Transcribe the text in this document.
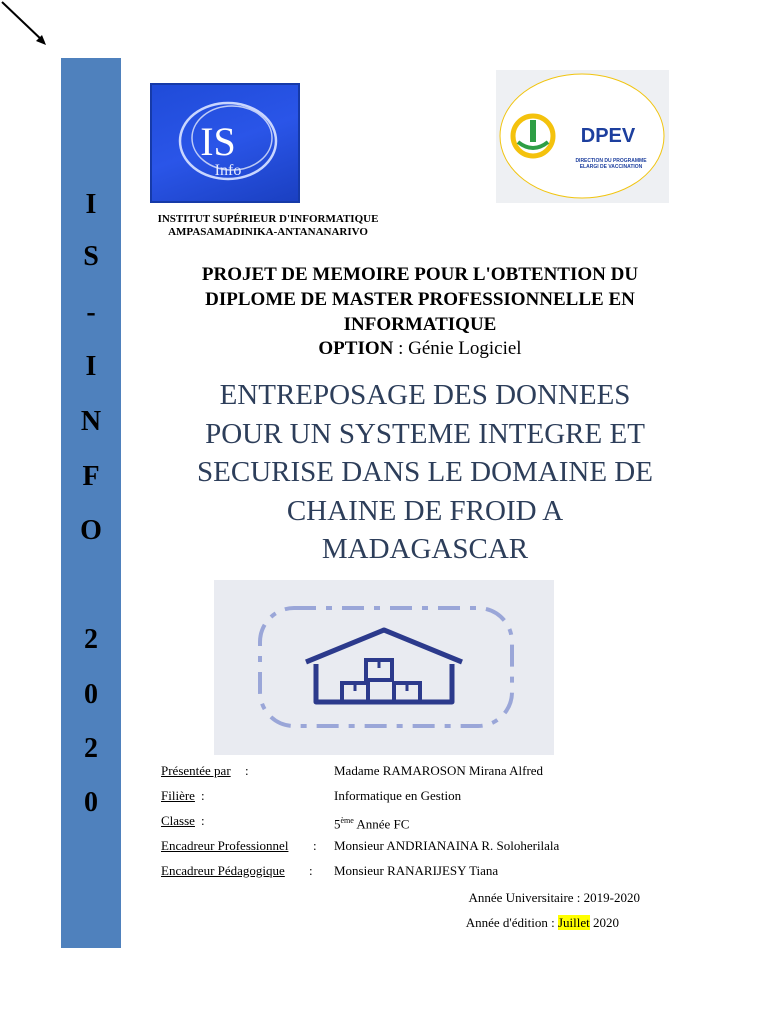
I
S
-
I
N
F
O
2
0
2
0
IS
Info
DPEV
DIRECTION DU PROGRAMME ELARGI DE VACCINATION
INSTITUT SUPÉRIEUR D'INFORMATIQUE
AMPASAMADINIKA-ANTANANARIVO
PROJET DE MEMOIRE POUR L'OBTENTION DU
DIPLOME DE MASTER PROFESSIONNELLE EN
INFORMATIQUE
OPTION : Génie Logiciel
ENTREPOSAGE DES DONNEES
POUR UN SYSTEME INTEGRE ET
SECURISE DANS LE DOMAINE DE
CHAINE DE FROID A
MADAGASCAR
Présentée par :	Madame RAMAROSON Mirana Alfred
Filière :	Informatique en Gestion
Classe :	5ème Année FC
Encadreur Professionnel : Monsieur ANDRIANAINA R. Soloherilala
Encadreur Pédagogique : Monsieur RANARIJESY Tiana
Année Universitaire : 2019-2020
Année d'édition : Juillet 2020
